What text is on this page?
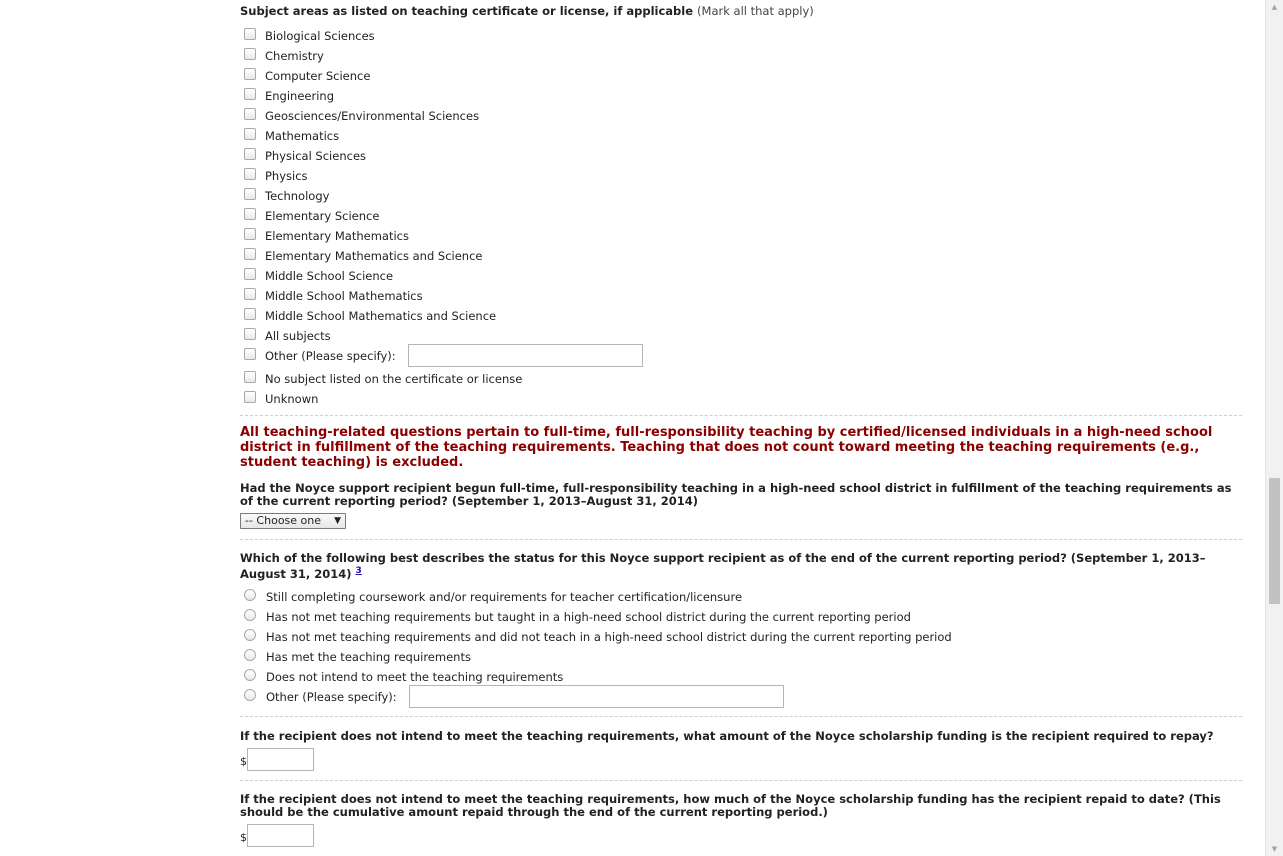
Subject areas as listed on teaching certificate or license, if applicable (Mark all that apply)
Biological Sciences
Chemistry
Computer Science
Engineering
Geosciences/Environmental Sciences
Mathematics
Physical Sciences
Physics
Technology
Elementary Science
Elementary Mathematics
Elementary Mathematics and Science
Middle School Science
Middle School Mathematics
Middle School Mathematics and Science
All subjects
Other (Please specify):
No subject listed on the certificate or license
Unknown
All teaching-related questions pertain to full-time, full-responsibility teaching by certified/licensed individuals in a high-need school district in fulfillment of the teaching requirements. Teaching that does not count toward meeting the teaching requirements (e.g., student teaching) is excluded.
Had the Noyce support recipient begun full-time, full-responsibility teaching in a high-need school district in fulfillment of the teaching requirements as of the current reporting period? (September 1, 2013–August 31, 2014)
-- Choose one ▼
Which of the following best describes the status for this Noyce support recipient as of the end of the current reporting period? (September 1, 2013–August 31, 2014) $^3$
Still completing coursework and/or requirements for teacher certification/licensure
Has not met teaching requirements but taught in a high-need school district during the current reporting period
Has not met teaching requirements and did not teach in a high-need school district during the current reporting period
Has met the teaching requirements
Does not intend to meet the teaching requirements
Other (Please specify):
If the recipient does not intend to meet the teaching requirements, what amount of the Noyce scholarship funding is the recipient required to repay?
$
If the recipient does not intend to meet the teaching requirements, how much of the Noyce scholarship funding has the recipient repaid to date? (This should be the cumulative amount repaid through the end of the current reporting period.)
$
▲
▼
